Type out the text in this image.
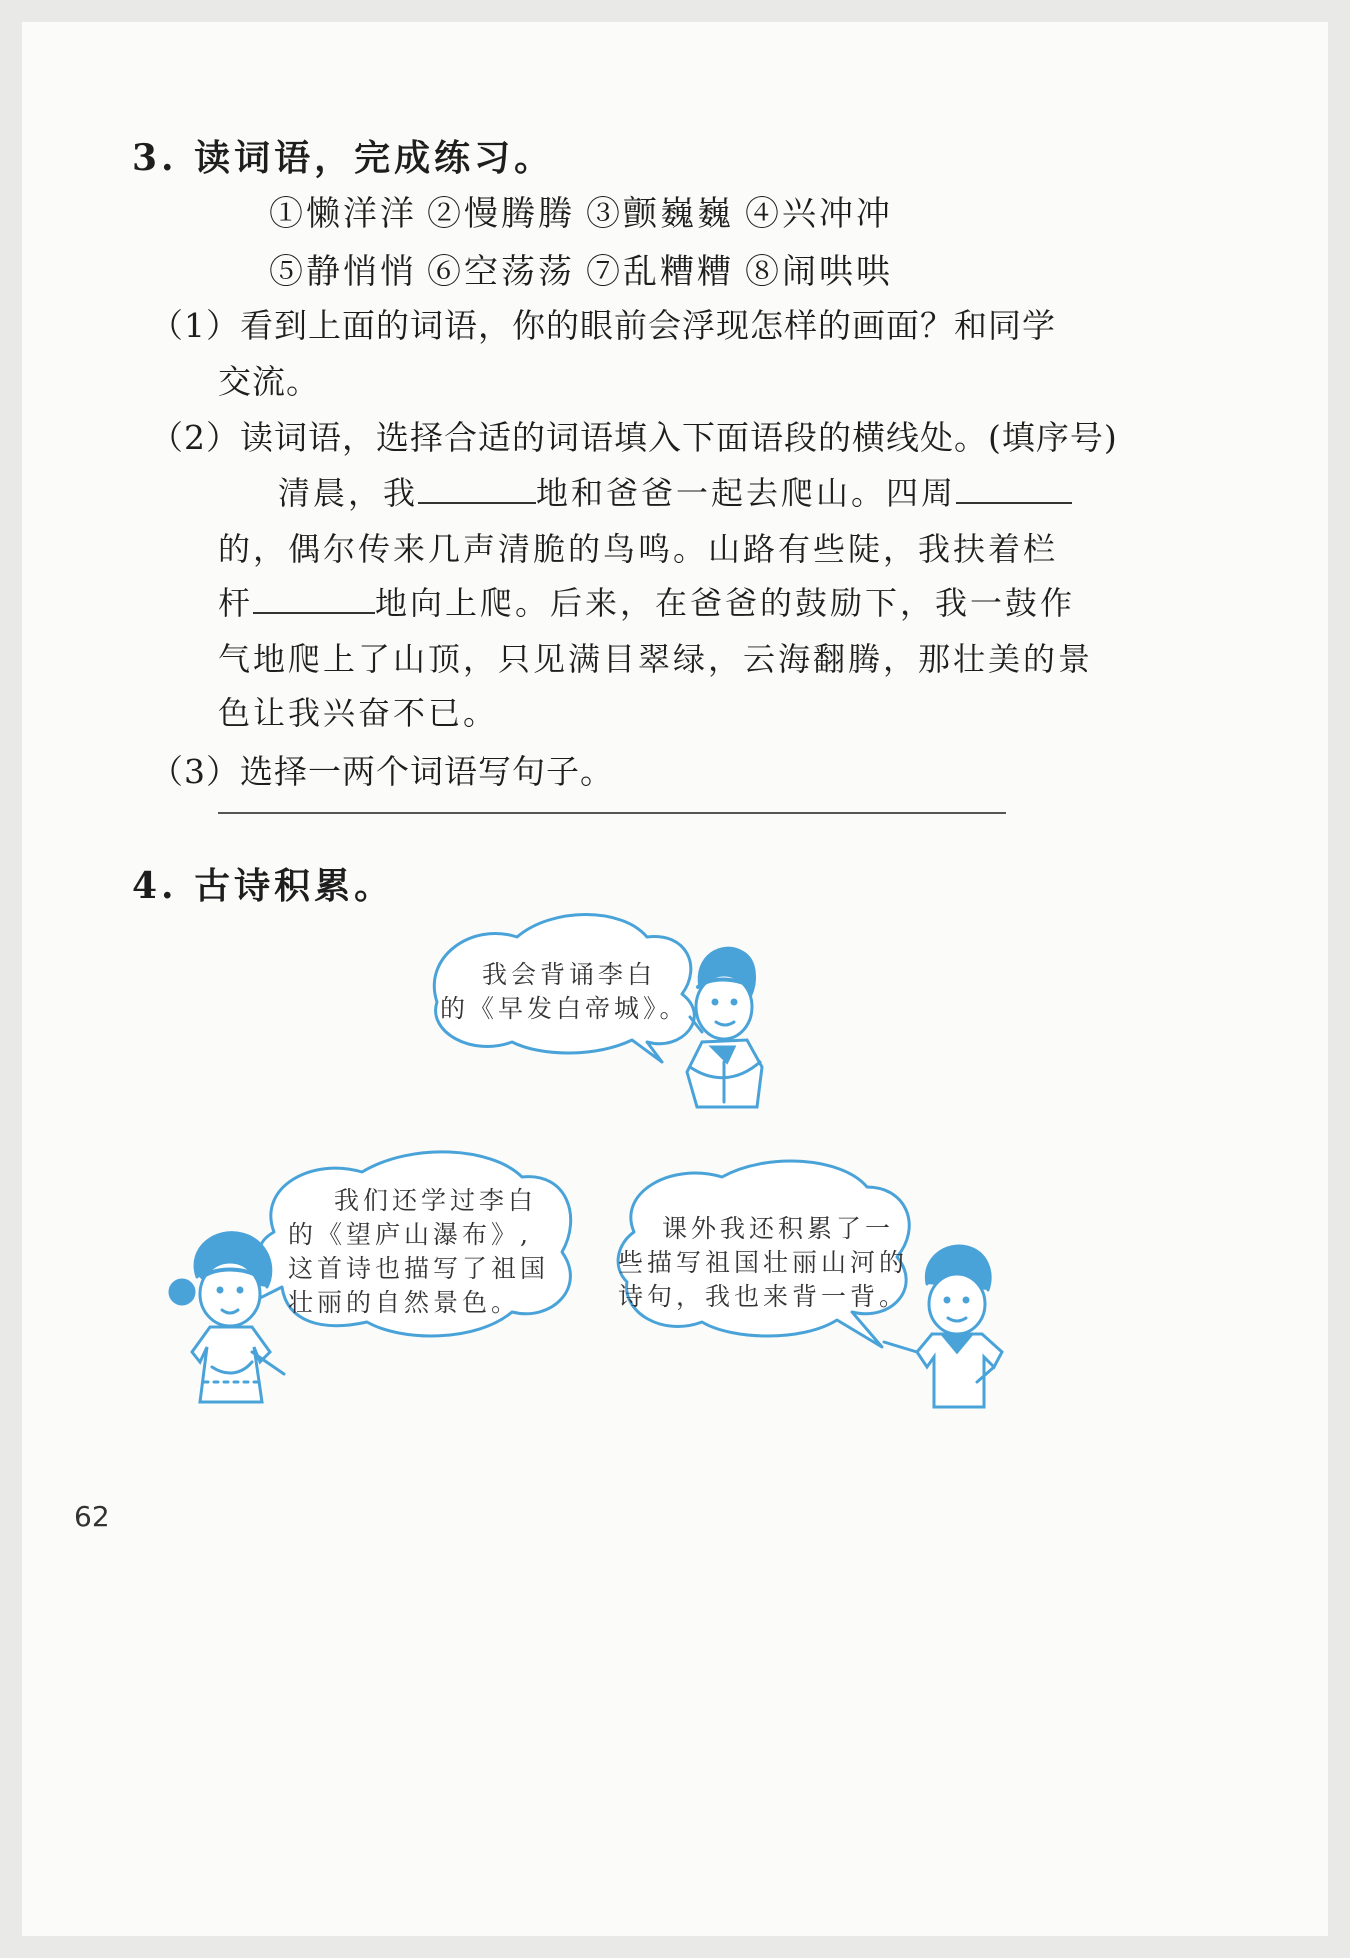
3. 读词语，完成练习。
①懒洋洋 ②慢腾腾 ③颤巍巍 ④兴冲冲
⑤静悄悄 ⑥空荡荡 ⑦乱糟糟 ⑧闹哄哄
（1）看到上面的词语，你的眼前会浮现怎样的画面？和同学
交流。
（2）读词语，选择合适的词语填入下面语段的横线处。(填序号)
清晨，我	地和爸爸一起去爬山。四周
的，偶尔传来几声清脆的鸟鸣。山路有些陡，我扶着栏
杆	地向上爬。后来，在爸爸的鼓励下，我一鼓作
气地爬上了山顶，只见满目翠绿，云海翻腾，那壮美的景
色让我兴奋不已。
（3）选择一两个词语写句子。
4. 古诗积累。
我会背诵李白
的《早发白帝城》。
我们还学过李白
的《望庐山瀑布》,
这首诗也描写了祖国
壮丽的自然景色。
课外我还积累了一
些描写祖国壮丽山河的
诗句，我也来背一背。
62
